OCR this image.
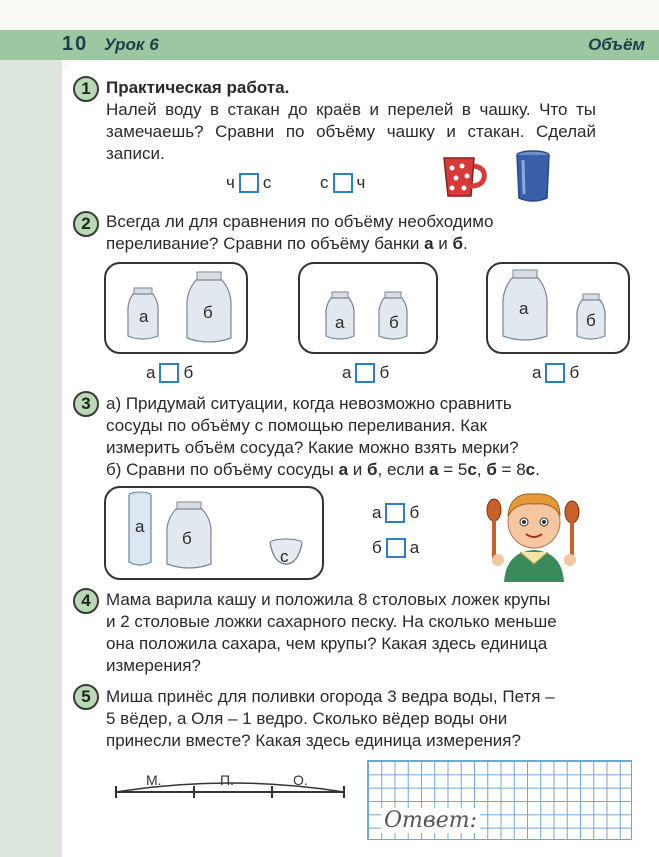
10 Урок 6	Объём
1 Практическая работа.
Налей воду в стакан до краёв и перелей в чашку. Что ты замечаешь? Сравни по объёму чашку и стакан. Сделай записи.
ч с	с ч
2 Всегда ли для сравнения по объёму необходимо переливание? Сравни по объёму банки а и б.
а	б
а	б
а
б
а б	а б	а б
3 а) Придумай ситуации, когда невозможно сравнить
сосуды по объёму с помощью переливания. Как
измерить объём сосуда? Какие можно взять мерки?
б) Сравни по объёму сосуды а и б, если а = 5с, б = 8с.
а
б
с
а б
б а
4 Мама варила кашу и положила 8 столовых ложек крупы
и 2 столовые ложки сахарного песку. На сколько меньше
она положила сахара, чем крупы? Какая здесь единица
измерения?
5 Миша принёс для поливки огорода 3 ведра воды, Петя –
5 вёдер, а Оля – 1 ведро. Сколько вёдер воды они
принесли вместе? Какая здесь единица измерения?
М.	П.	О.
Ответ:
